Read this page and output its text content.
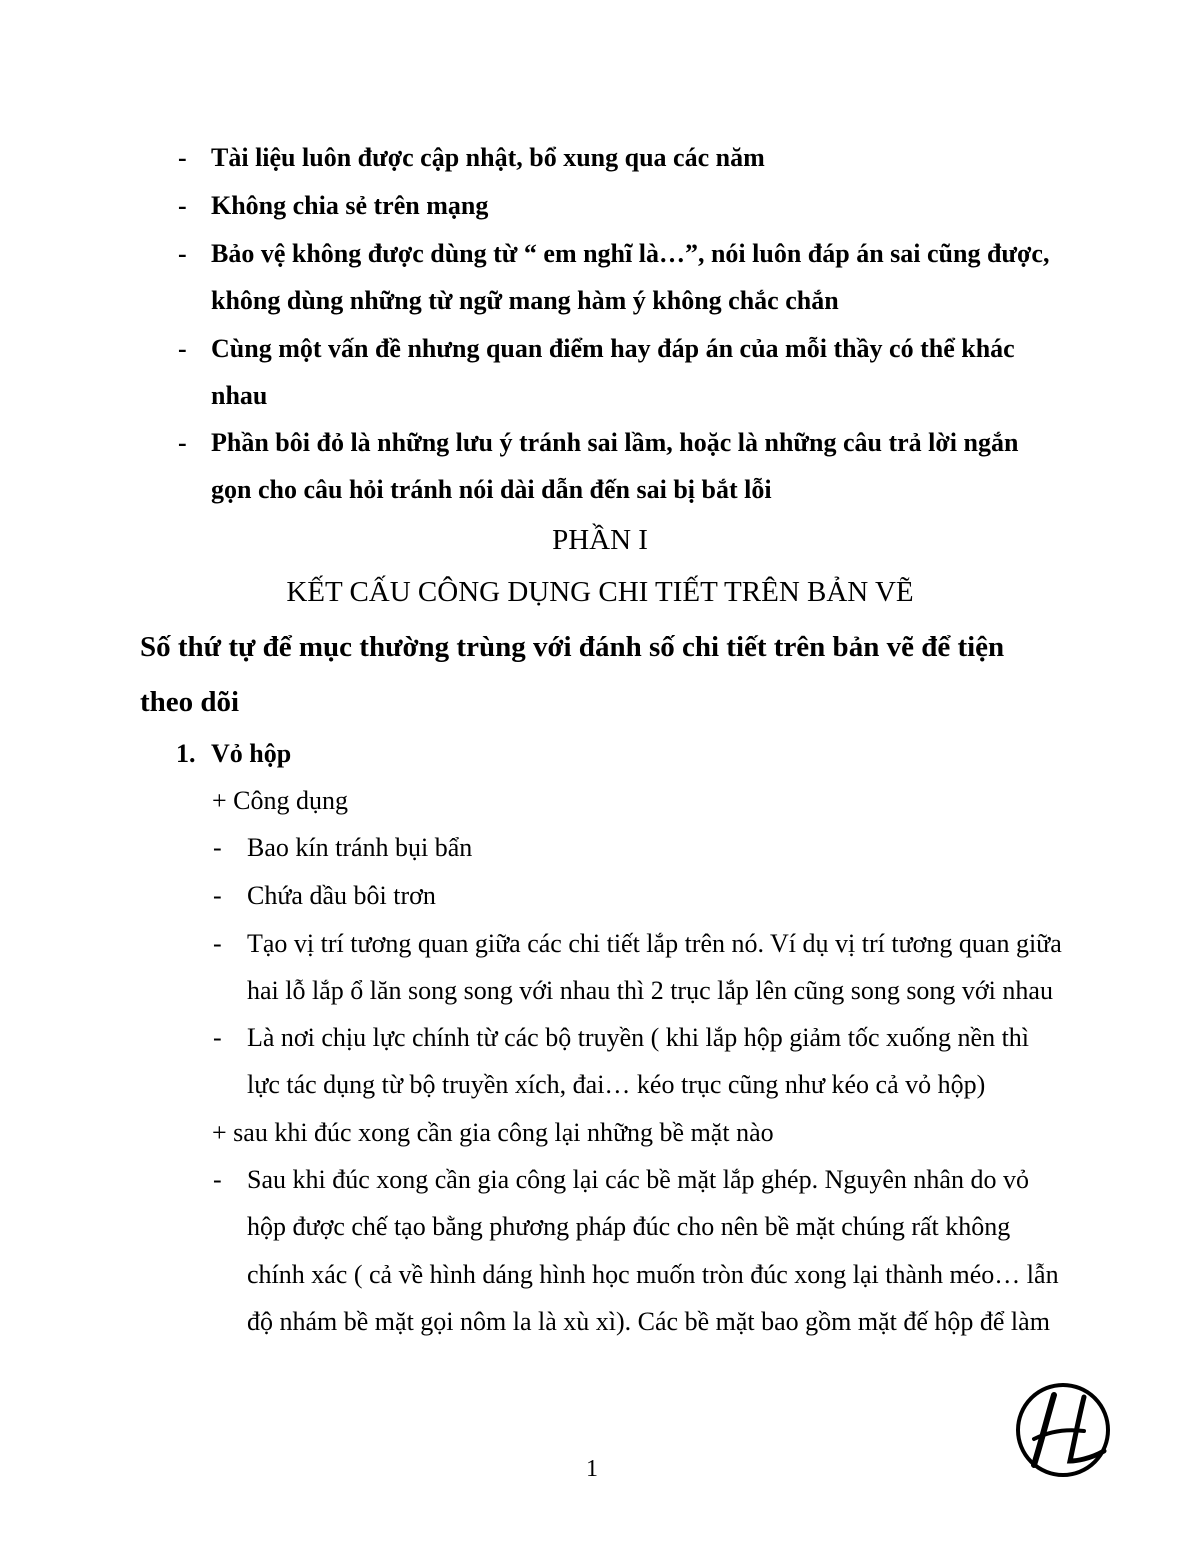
- Tài liệu luôn được cập nhật, bổ xung qua các năm
- Không chia sẻ trên mạng
- Bảo vệ không được dùng từ “ em nghĩ là…”, nói luôn đáp án sai cũng được,
không dùng những từ ngữ mang hàm ý không chắc chắn
- Cùng một vấn đề nhưng quan điểm hay đáp án của mỗi thầy có thể khác
nhau
- Phần bôi đỏ là những lưu ý tránh sai lầm, hoặc là những câu trả lời ngắn
gọn cho câu hỏi tránh nói dài dẫn đến sai bị bắt lỗi
PHẦN I
KẾT CẤU CÔNG DỤNG CHI TIẾT TRÊN BẢN VẼ
Số thứ tự để mục thường trùng với đánh số chi tiết trên bản vẽ để tiện
theo dõi
1. Vỏ hộp
+ Công dụng
- Bao kín tránh bụi bẩn
- Chứa dầu bôi trơn
- Tạo vị trí tương quan giữa các chi tiết lắp trên nó. Ví dụ vị trí tương quan giữa
hai lỗ lắp ổ lăn song song với nhau thì 2 trục lắp lên cũng song song với nhau
- Là nơi chịu lực chính từ các bộ truyền ( khi lắp hộp giảm tốc xuống nền thì
lực tác dụng từ bộ truyền xích, đai… kéo trục cũng như kéo cả vỏ hộp)
+ sau khi đúc xong cần gia công lại những bề mặt nào
- Sau khi đúc xong cần gia công lại các bề mặt lắp ghép. Nguyên nhân do vỏ
hộp được chế tạo bằng phương pháp đúc cho nên bề mặt chúng rất không
chính xác ( cả về hình dáng hình học muốn tròn đúc xong lại thành méo… lẫn
độ nhám bề mặt gọi nôm la là xù xì). Các bề mặt bao gồm mặt đế hộp để làm
1
